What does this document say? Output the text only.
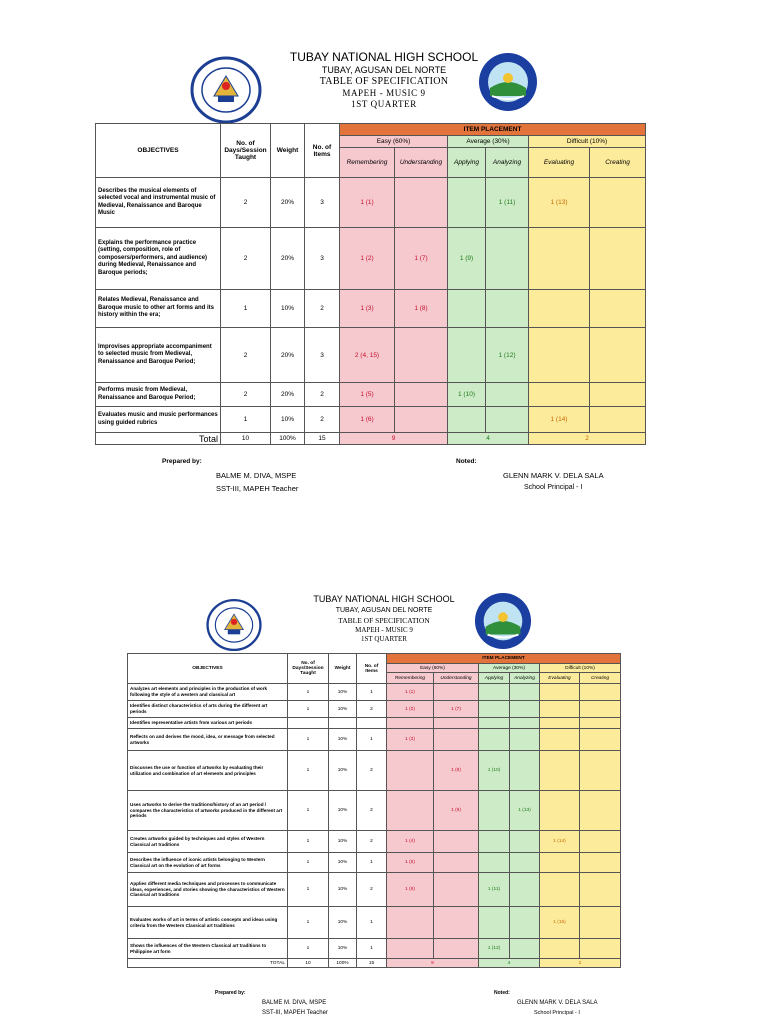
TUBAY NATIONAL HIGH SCHOOL
TUBAY, AGUSAN DEL NORTE
TABLE OF SPECIFICATION
MAPEH - MUSIC 9
1ST QUARTER
OBJECTIVES	No. of Days/Session Taught	Weight	No. of Items	ITEM PLACEMENT					
				Easy (60%)		Average (30%)		Difficult (10%)	
				Remembering	Understanding	Applying	Analyzing	Evaluating	Creating
Describes the musical elements of selected vocal and instrumental music of Medieval, Renaissance and Baroque Music	2	20%	3	1 (1)			1 (11)	1 (13)	
Explains the performance practice (setting, composition, role of composers/performers, and audience) during Medieval, Renaissance and Baroque periods;	2	20%	3	1 (2)	1 (7)	1 (9)			
Relates Medieval, Renaissance and Baroque music to other art forms and its history within the era;	1	10%	2	1 (3)	1 (8)				
Improvises appropriate accompaniment to selected music from Medieval, Renaissance and Baroque Period;	2	20%	3	2 (4, 15)			1 (12)		
Performs music from Medieval, Renaissance and Baroque Period;	2	20%	2	1 (5)		1 (10)			
Evaluates music and music performances using guided rubrics	1	10%	2	1 (6)				1 (14)	
Total	10	100%	15	9		4		2	
Prepared by:
BALME M. DIVA, MSPE
SST-III, MAPEH Teacher
Noted:
GLENN MARK V. DELA SALA
School Principal - I
TUBAY NATIONAL HIGH SCHOOL
TUBAY, AGUSAN DEL NORTE
TABLE OF SPECIFICATION
MAPEH - MUSIC 9
1ST QUARTER
OBJECTIVES	No. of Days/Session Taught	Weight	No. of Items	ITEM PLACEMENT					
				Easy (60%)		Average (30%)		Difficult (10%)	
				Remembering	Understanding	Applying	Analyzing	Evaluating	Creating
Analyzes art elements and principles in the production of work following the style of a western and classical art	1	10%	1	1 (1)					
Identifies distinct characteristics of arts during the different art periods	1	10%	2	1 (2)	1 (7)				
Identifies representative artists from various art periods									
Reflects on and derives the mood, idea, or message from selected artworks	1	10%	1	1 (3)					
Discusses the use or function of artworks by evaluating their utilization and combination of art elements and principles	1	10%	2		1 (8)	1 (10)			
Uses artworks to derive the traditions/history of an art period / compares the characteristics of artworks produced in the different art periods	1	10%	2		1 (9)		1 (13)		
Creates artworks guided by techniques and styles of Western Classical art traditions	1	10%	2	1 (4)				1 (14)	
Describes the influence of iconic artists belonging to Western Classical art on the evolution of art forms	1	10%	1	1 (5)					
Applies different media techniques and processes to communicate ideas, experiences, and stories showing the characteristics of Western Classical art traditions	1	10%	2	1 (6)		1 (11)			
Evaluates works of art in terms of artistic concepts and ideas using criteria from the Western Classical art traditions	1	10%	1					1 (15)	
Shows the influences of the Western Classical art traditions to Philippine art form	1	10%	1			1 (12)			
TOTAL	10	100%	15	9		4		2	
Prepared by:
BALME M. DIVA, MSPE
SST-III, MAPEH Teacher
Noted:
GLENN MARK V. DELA SALA
School Principal - I
